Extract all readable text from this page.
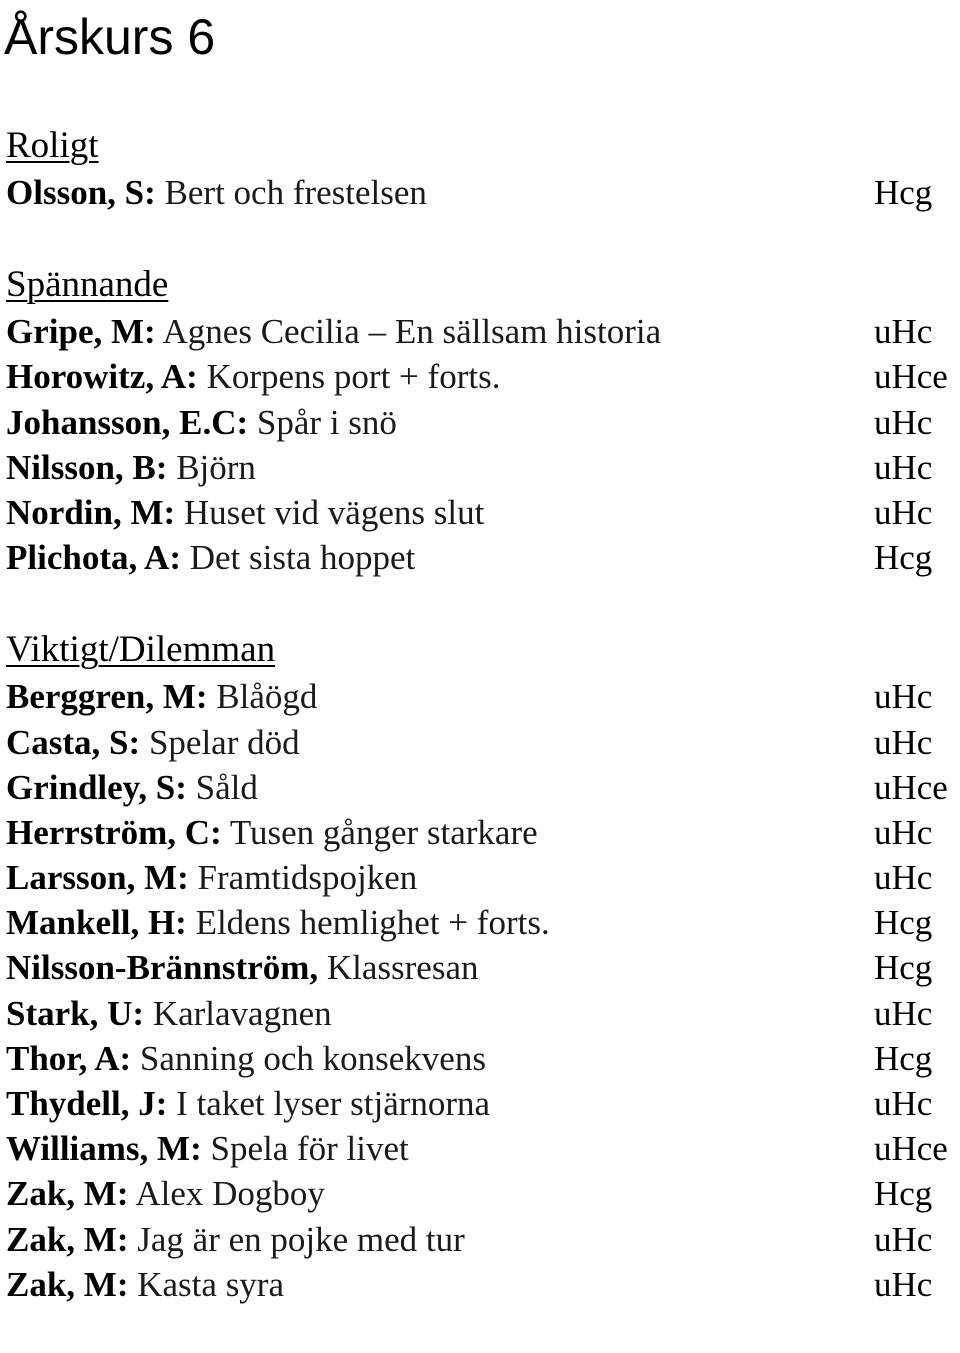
Årskurs 6
Roligt
Olsson, S: Bert och frestelsen	Hcg
Spännande
Gripe, M: Agnes Cecilia – En sällsam historia	uHc
Horowitz, A: Korpens port + forts.	uHce
Johansson, E.C: Spår i snö	uHc
Nilsson, B: Björn	uHc
Nordin, M: Huset vid vägens slut	uHc
Plichota, A: Det sista hoppet	Hcg
Viktigt/Dilemman
Berggren, M: Blåögd	uHc
Casta, S: Spelar död	uHc
Grindley, S: Såld	uHce
Herrström, C: Tusen gånger starkare	uHc
Larsson, M: Framtidspojken	uHc
Mankell, H: Eldens hemlighet + forts.	Hcg
Nilsson-Brännström, Klassresan	Hcg
Stark, U: Karlavagnen	uHc
Thor, A: Sanning och konsekvens	Hcg
Thydell, J: I taket lyser stjärnorna	uHc
Williams, M: Spela för livet	uHce
Zak, M: Alex Dogboy	Hcg
Zak, M: Jag är en pojke med tur	uHc
Zak, M: Kasta syra	uHc
